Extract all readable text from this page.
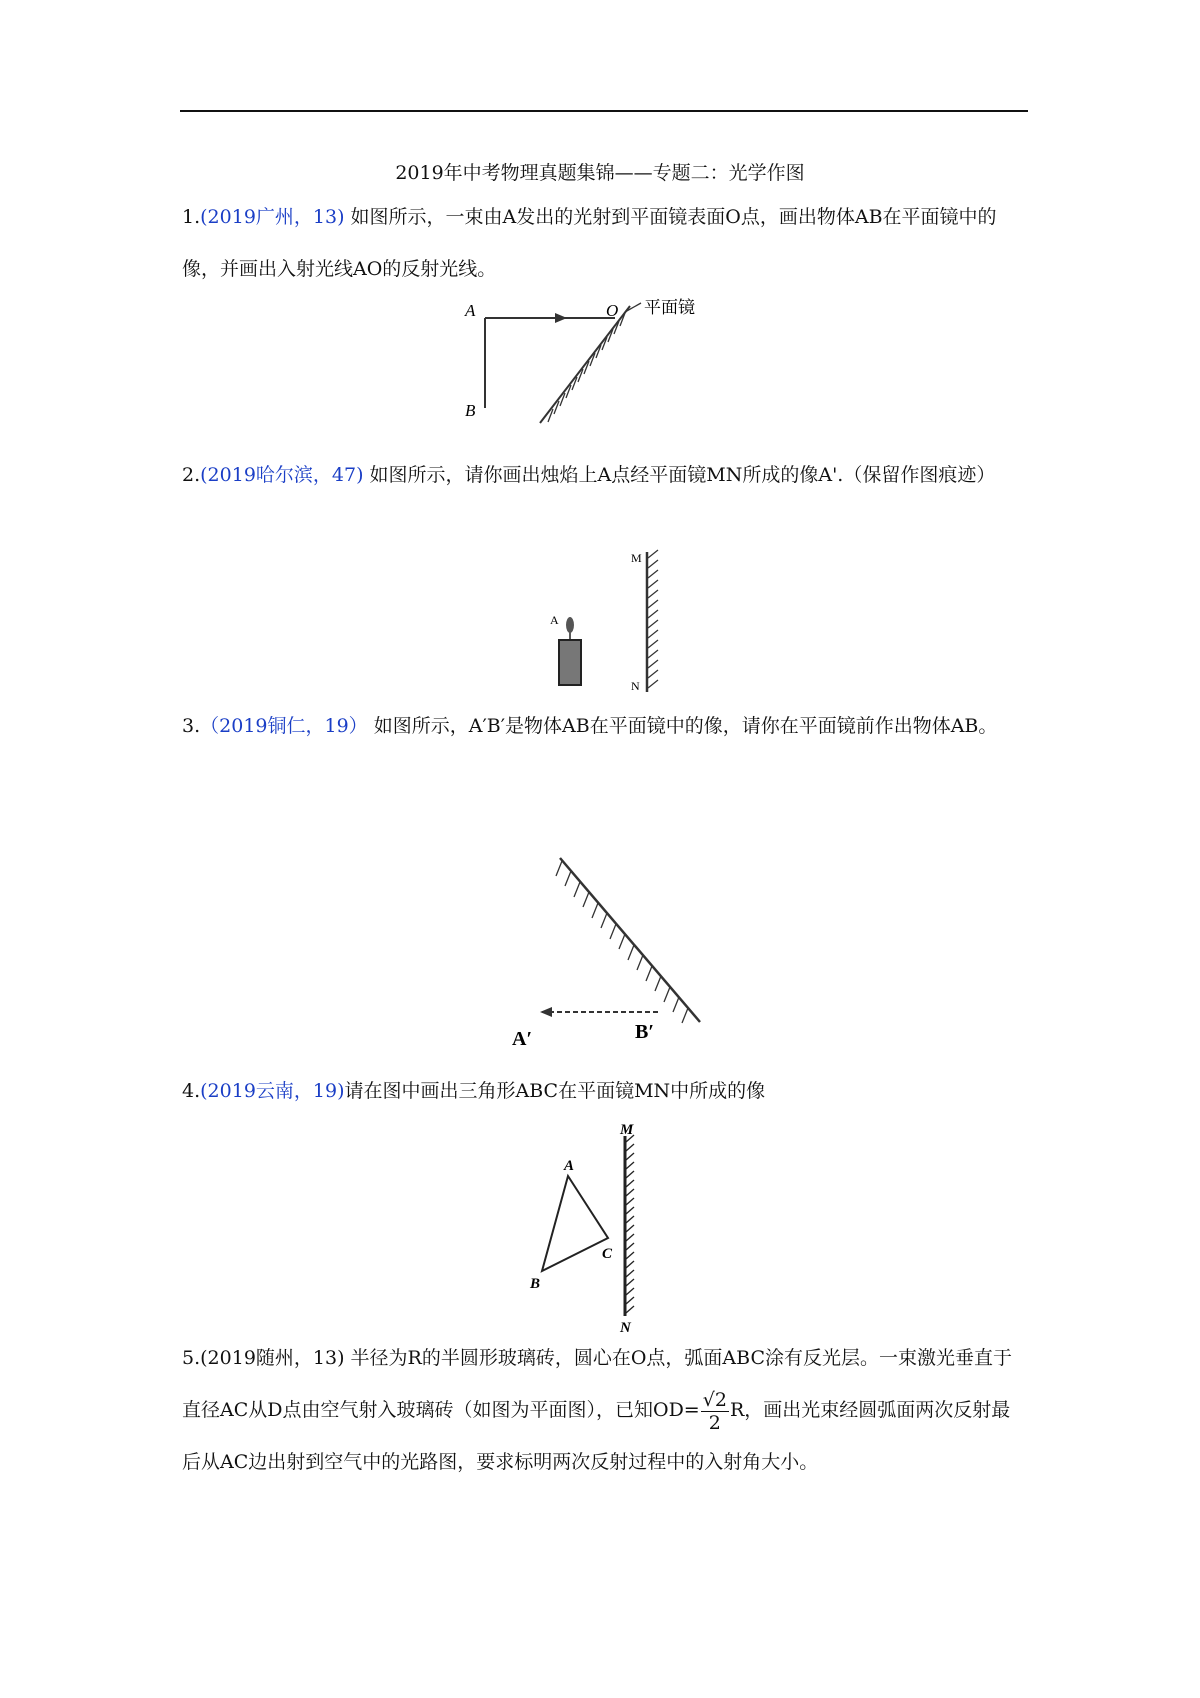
2019年中考物理真题集锦——专题二：光学作图
1.(2019广州，13) 如图所示，一束由A发出的光射到平面镜表面O点，画出物体AB在平面镜中的像，并画出入射光线AO的反射光线。
A
B
O 平面镜
2.(2019哈尔滨，47) 如图所示，请你画出烛焰上A点经平面镜MN所成的像A'.（保留作图痕迹）
M
N
A
3.（2019铜仁，19） 如图所示，A′B′是物体AB在平面镜中的像，请你在平面镜前作出物体AB。
A′	B′
4.(2019云南，19)请在图中画出三角形ABC在平面镜MN中所成的像
M
N
A
B
C
5.(2019随州，13) 半径为R的半圆形玻璃砖，圆心在O点，弧面ABC涂有反光层。一束激光垂直于直径AC从D点由空气射入玻璃砖（如图为平面图），已知$OD= \frac{√2}{2}$ R，画出光束经圆弧面两次反射最后从AC边出射到空气中的光路图，要求标明两次反射过程中的入射角大小。
